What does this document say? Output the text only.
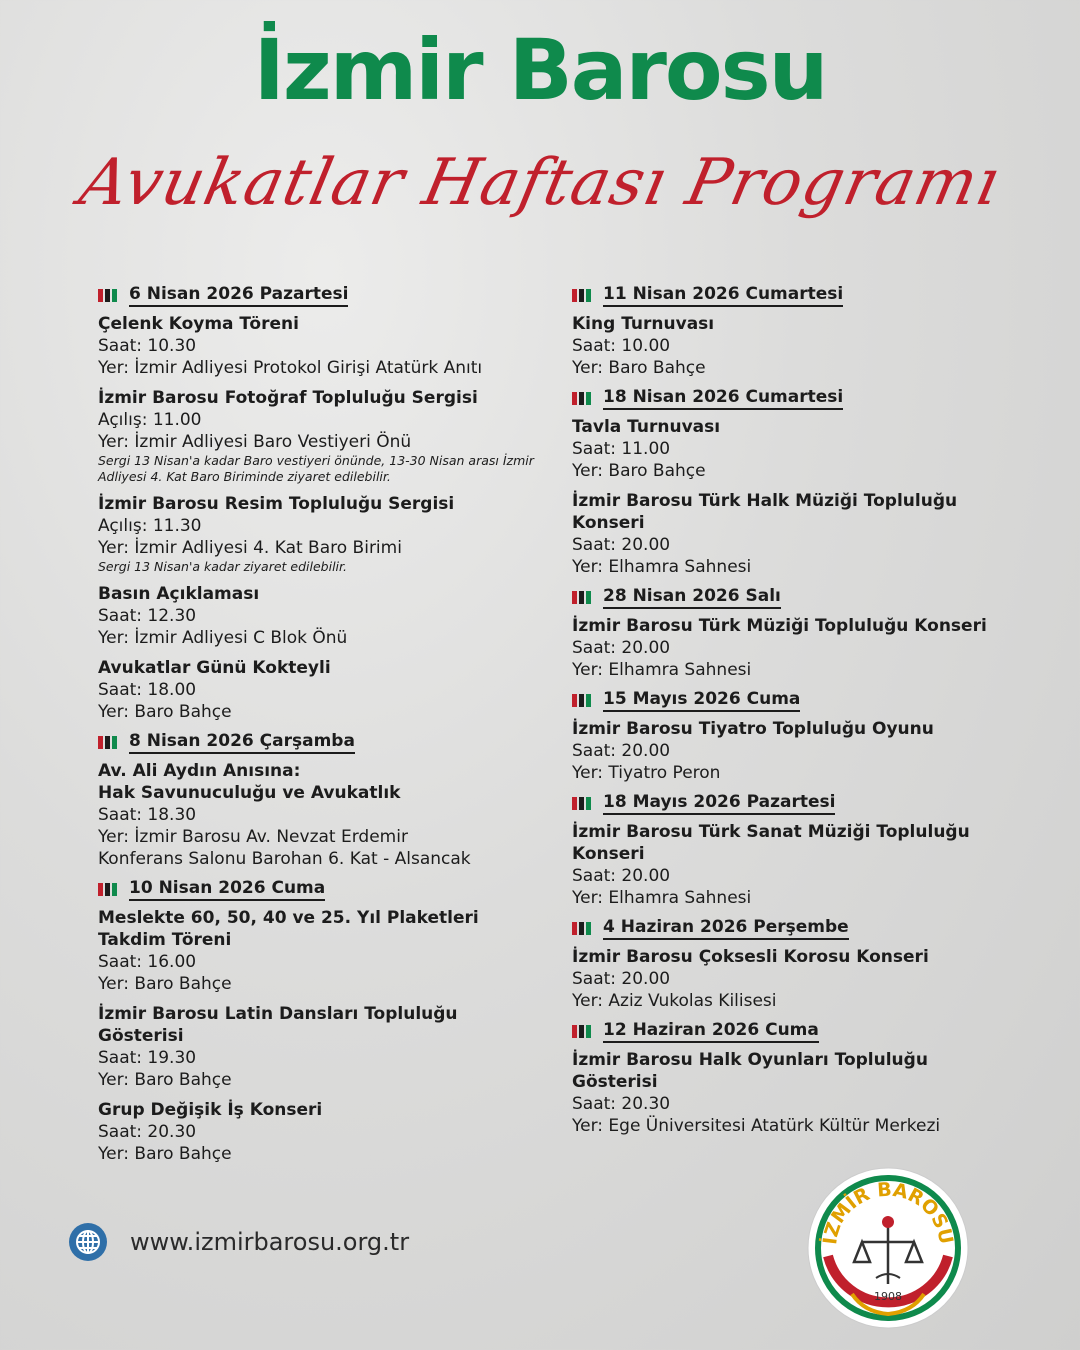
İzmir Barosu
Avukatlar Haftası Programı
6 Nisan 2026 Pazartesi
Çelenk Koyma Töreni
Saat: 10.30
Yer: İzmir Adliyesi Protokol Girişi Atatürk Anıtı
İzmir Barosu Fotoğraf Topluluğu Sergisi
Açılış: 11.00
Yer: İzmir Adliyesi Baro Vestiyeri Önü
Sergi 13 Nisan'a kadar Baro vestiyeri önünde, 13-30 Nisan arası İzmir Adliyesi 4. Kat Baro Biriminde ziyaret edilebilir.
İzmir Barosu Resim Topluluğu Sergisi
Açılış: 11.30
Yer: İzmir Adliyesi 4. Kat Baro Birimi
Sergi 13 Nisan'a kadar ziyaret edilebilir.
Basın Açıklaması
Saat: 12.30
Yer: İzmir Adliyesi C Blok Önü
Avukatlar Günü Kokteyli
Saat: 18.00
Yer: Baro Bahçe
8 Nisan 2026 Çarşamba
Av. Ali Aydın Anısına:
Hak Savunuculuğu ve Avukatlık
Saat: 18.30
Yer: İzmir Barosu Av. Nevzat Erdemir
Konferans Salonu Barohan 6. Kat - Alsancak
10 Nisan 2026 Cuma
Meslekte 60, 50, 40 ve 25. Yıl Plaketleri
Takdim Töreni
Saat: 16.00
Yer: Baro Bahçe
İzmir Barosu Latin Dansları Topluluğu
Gösterisi
Saat: 19.30
Yer: Baro Bahçe
Grup Değişik İş Konseri
Saat: 20.30
Yer: Baro Bahçe
11 Nisan 2026 Cumartesi
King Turnuvası
Saat: 10.00
Yer: Baro Bahçe
18 Nisan 2026 Cumartesi
Tavla Turnuvası
Saat: 11.00
Yer: Baro Bahçe
İzmir Barosu Türk Halk Müziği Topluluğu
Konseri
Saat: 20.00
Yer: Elhamra Sahnesi
28 Nisan 2026 Salı
İzmir Barosu Türk Müziği Topluluğu Konseri
Saat: 20.00
Yer: Elhamra Sahnesi
15 Mayıs 2026 Cuma
İzmir Barosu Tiyatro Topluluğu Oyunu
Saat: 20.00
Yer: Tiyatro Peron
18 Mayıs 2026 Pazartesi
İzmir Barosu Türk Sanat Müziği Topluluğu
Konseri
Saat: 20.00
Yer: Elhamra Sahnesi
4 Haziran 2026 Perşembe
İzmir Barosu Çoksesli Korosu Konseri
Saat: 20.00
Yer: Aziz Vukolas Kilisesi
12 Haziran 2026 Cuma
İzmir Barosu Halk Oyunları Topluluğu
Gösterisi
Saat: 20.30
Yer: Ege Üniversitesi Atatürk Kültür Merkezi
www.izmirbarosu.org.tr	İZMİR BAROSU
1908
